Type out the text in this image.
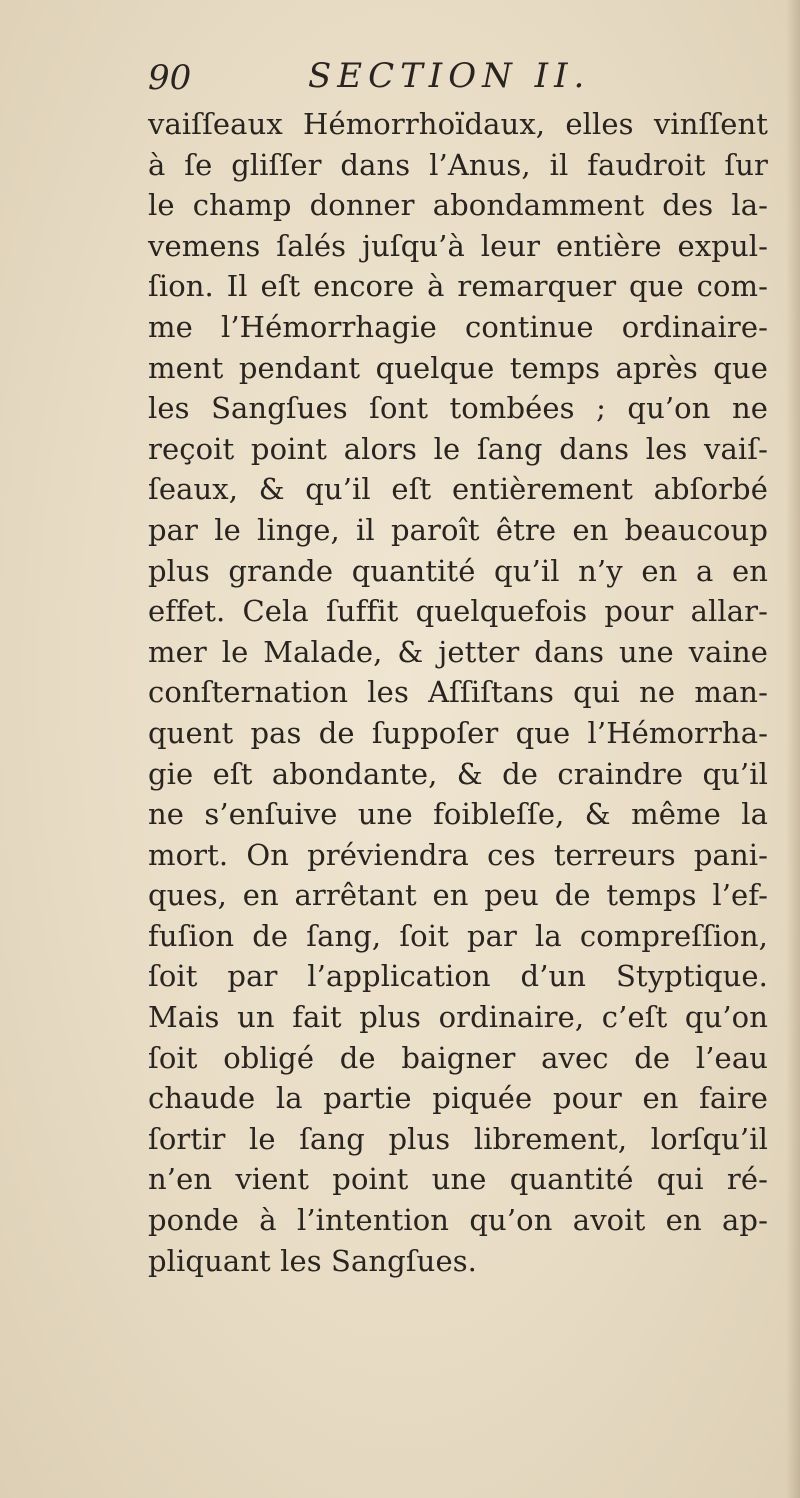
90	SECTION II.
vaiſſeaux Hémorrhoïdaux, elles vinſſent
à ſe gliſſer dans l’Anus, il faudroit ſur
le champ donner abondamment des la-
vemens ſalés juſqu’à leur entière expul-
ſion. Il eſt encore à remarquer que com-
me l’Hémorrhagie continue ordinaire-
ment pendant quelque temps après que
les Sangſues ſont tombées ; qu’on ne
reçoit point alors le ſang dans les vaiſ-
ſeaux, & qu’il eſt entièrement abſorbé
par le linge, il paroît être en beaucoup
plus grande quantité qu’il n’y en a en
effet. Cela ſuffit quelquefois pour allar-
mer le Malade, & jetter dans une vaine
conſternation les Aſſiſtans qui ne man-
quent pas de ſuppoſer que l’Hémorrha-
gie eſt abondante, & de craindre qu’il
ne s’enſuive une foibleſſe, & même la
mort. On préviendra ces terreurs pani-
ques, en arrêtant en peu de temps l’ef-
fuſion de ſang, ſoit par la compreſſion,
ſoit par l’application d’un Styptique.
Mais un fait plus ordinaire, c’eſt qu’on
ſoit obligé de baigner avec de l’eau
chaude la partie piquée pour en faire
ſortir le ſang plus librement, lorſqu’il
n’en vient point une quantité qui ré-
ponde à l’intention qu’on avoit en ap-
pliquant les Sangſues.
